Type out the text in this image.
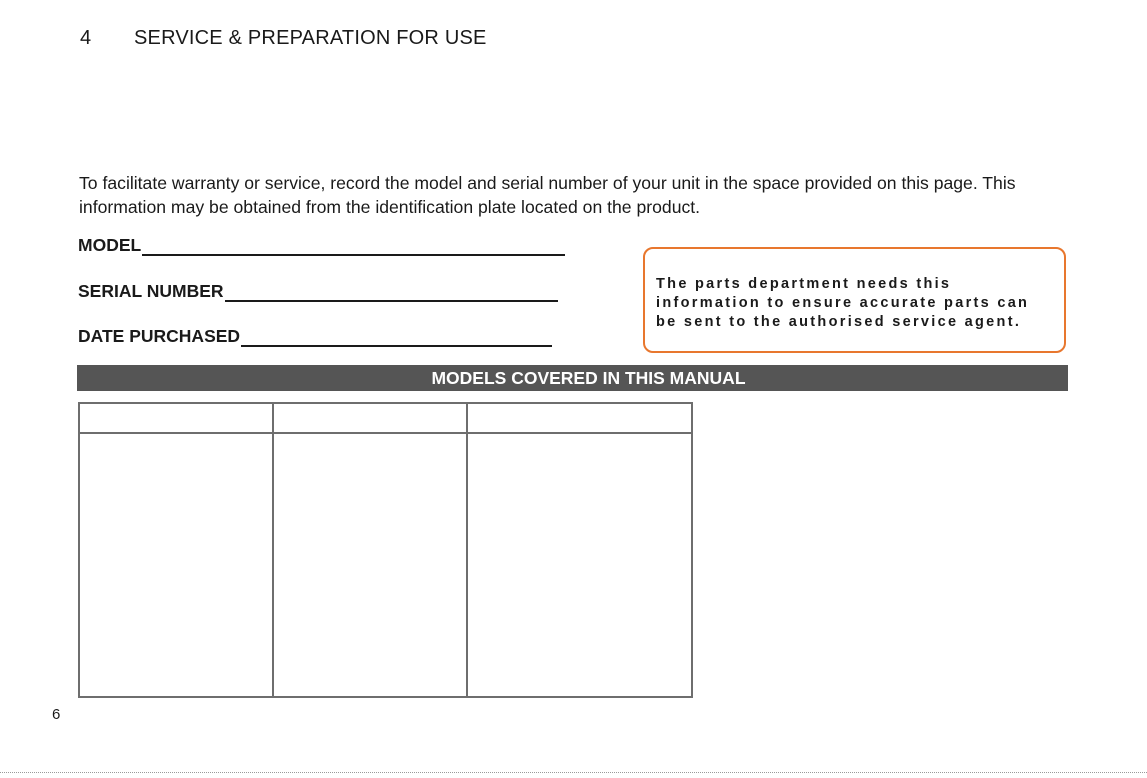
4 SERVICE & PREPARATION FOR USE
To facilitate warranty or service, record the model and serial number of your unit in the space provided on this page. This information may be obtained from the identification plate located on the product.
MODEL
SERIAL NUMBER
DATE PURCHASED
The parts department needs this information to ensure accurate parts can be sent to the authorised service agent.
MODELS COVERED IN THIS MANUAL

6
